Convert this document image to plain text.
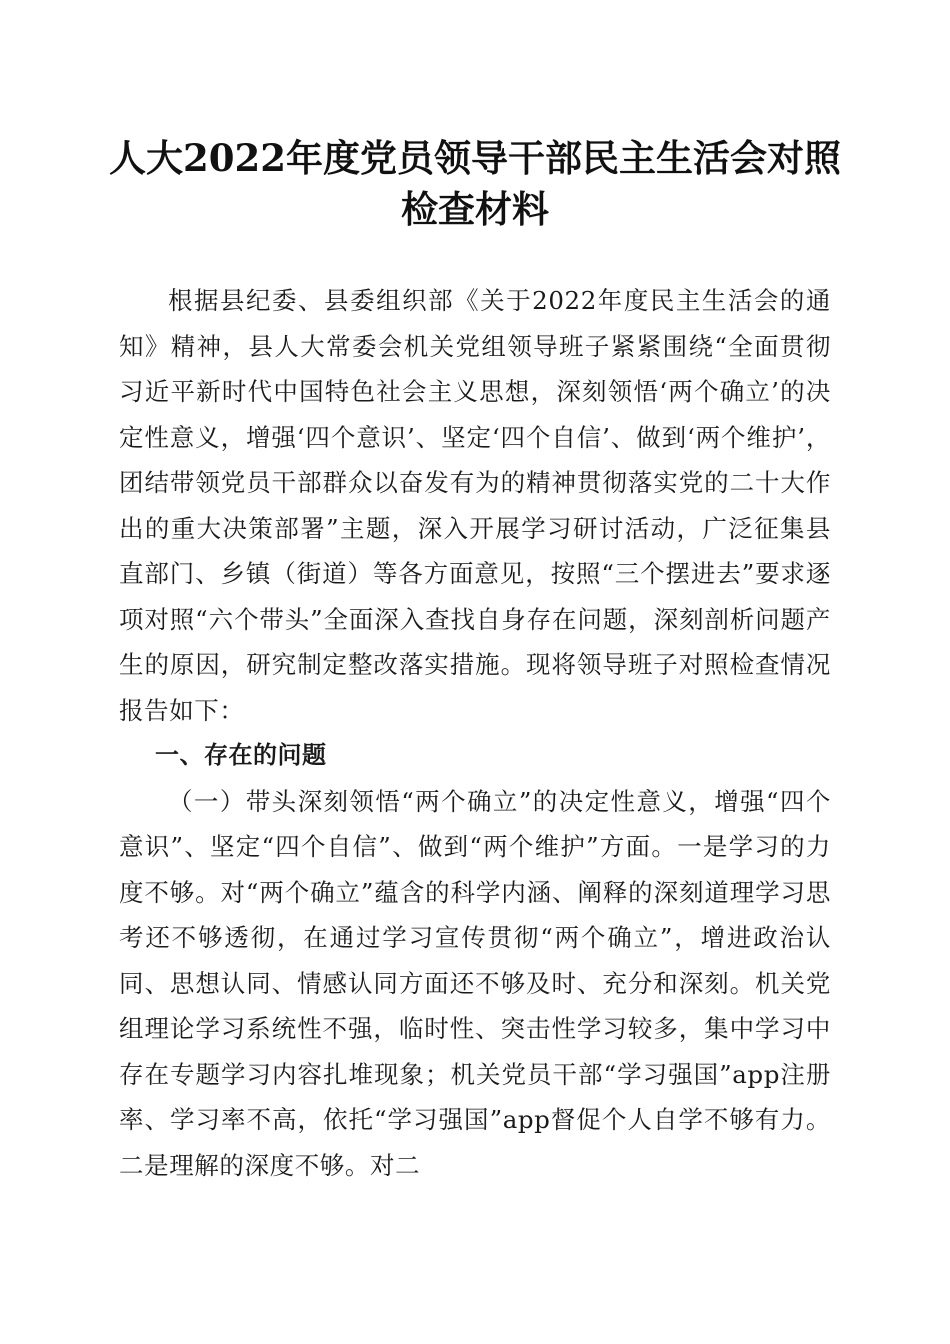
人大2022年度党员领导干部民主生活会对照
检查材料

根据县纪委、县委组织部《关于2022年度民主生活会的通知》精神，县人大常委会机关党组领导班子紧紧围绕“全面贯彻习近平新时代中国特色社会主义思想，深刻领悟‘两个确立’的决定性意义，增强‘四个意识’、坚定‘四个自信’、做到‘两个维护’，团结带领党员干部群众以奋发有为的精神贯彻落实党的二十大作出的重大决策部署”主题，深入开展学习研讨活动，广泛征集县直部门、乡镇（街道）等各方面意见，按照“三个摆进去”要求逐项对照“六个带头”全面深入查找自身存在问题，深刻剖析问题产生的原因，研究制定整改落实措施。现将领导班子对照检查情况报告如下：

一、存在的问题

（一）带头深刻领悟“两个确立”的决定性意义，增强“四个意识”、坚定“四个自信”、做到“两个维护”方面。一是学习的力度不够。对“两个确立”蕴含的科学内涵、阐释的深刻道理学习思考还不够透彻，在通过学习宣传贯彻“两个确立”，增进政治认同、思想认同、情感认同方面还不够及时、充分和深刻。机关党组理论学习系统性不强，临时性、突击性学习较多，集中学习中存在专题学习内容扎堆现象；机关党员干部“学习强国”app注册率、学习率不高，依托“学习强国”app督促个人自学不够有力。二是理解的深度不够。对二
